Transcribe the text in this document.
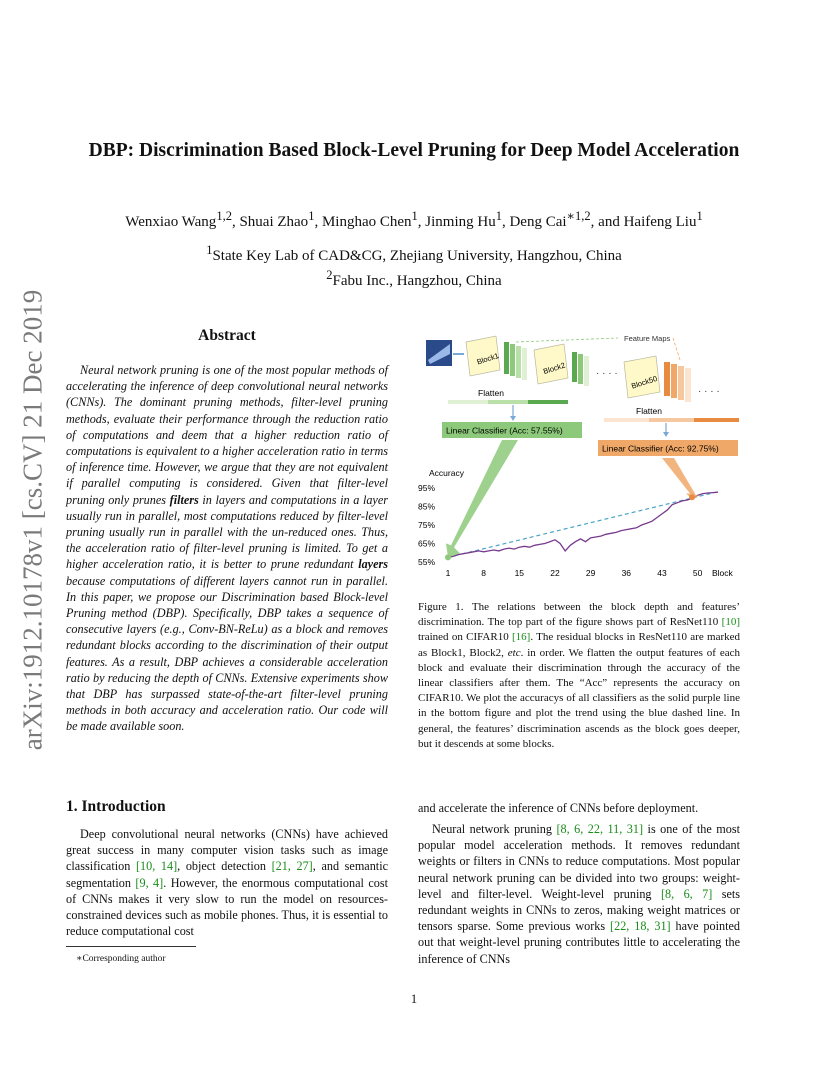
arXiv:1912.10178v1 [cs.CV] 21 Dec 2019
DBP: Discrimination Based Block-Level Pruning for Deep Model Acceleration
Wenxiao Wang$^{1,2}$, Shuai Zhao$^1$, Minghao Chen$^1$, Jinming Hu$^1$, Deng Cai$^{∗1,2}$, and Haifeng Liu$^1$
$^1$State Key Lab of CAD&CG, Zhejiang University, Hangzhou, China
$^2$Fabu Inc., Hangzhou, China
Abstract
Neural network pruning is one of the most popular methods of accelerating the inference of deep convolutional neural networks (CNNs). The dominant pruning methods, filter-level pruning methods, evaluate their performance through the reduction ratio of computations and deem that a higher reduction ratio of computations is equivalent to a higher acceleration ratio in terms of inference time. However, we argue that they are not equivalent if parallel computing is considered. Given that filter-level pruning only prunes filters in layers and computations in a layer usually run in parallel, most computations reduced by filter-level pruning usually run in parallel with the un-reduced ones. Thus, the acceleration ratio of filter-level pruning is limited. To get a higher acceleration ratio, it is better to prune redundant layers because computations of different layers cannot run in parallel. In this paper, we propose our Discrimination based Block-level Pruning method (DBP). Specifically, DBP takes a sequence of consecutive layers (e.g., Conv-BN-ReLu) as a block and removes redundant blocks according to the discrimination of their output features. As a result, DBP achieves a considerable acceleration ratio by reducing the depth of CNNs. Extensive experiments show that DBP has surpassed state-of-the-art filter-level pruning methods in both accuracy and acceleration ratio. Our code will be made available soon.
1. Introduction
Deep convolutional neural networks (CNNs) have achieved great success in many computer vision tasks such as image classification [10, 14], object detection [21, 27], and semantic segmentation [9, 4]. However, the enormous computational cost of CNNs makes it very slow to run the model on resources-constrained devices such as mobile phones. Thus, it is essential to reduce computational cost
∗Corresponding author
Block1
Block2	· · · ·
Block50
· · · ·
Feature Maps
Flatten
Flatten
Linear Classifier (Acc: 57.55%)
Linear Classifier (Acc: 92.75%)
Accuracy
Block
55%
65%
75%
85%
95%
1	8	15	22	29	36	43	50
Figure 1. The relations between the block depth and features’ discrimination. The top part of the figure shows part of ResNet110 [10] trained on CIFAR10 [16]. The residual blocks in ResNet110 are marked as Block1, Block2, etc. in order. We flatten the output features of each block and evaluate their discrimination through the accuracy of the linear classifiers after them. The “Acc” represents the accuracy on CIFAR10. We plot the accuracys of all classifiers as the solid purple line in the bottom figure and plot the trend using the blue dashed line. In general, the features’ discrimination ascends as the block goes deeper, but it descends at some blocks.
and accelerate the inference of CNNs before deployment.
Neural network pruning [8, 6, 22, 11, 31] is one of the most popular model acceleration methods. It removes redundant weights or filters in CNNs to reduce computations. Most popular neural network pruning can be divided into two groups: weight-level and filter-level. Weight-level pruning [8, 6, 7] sets redundant weights in CNNs to zeros, making weight matrices or tensors sparse. Some previous works [22, 18, 31] have pointed out that weight-level pruning contributes little to accelerating the inference of CNNs
1
